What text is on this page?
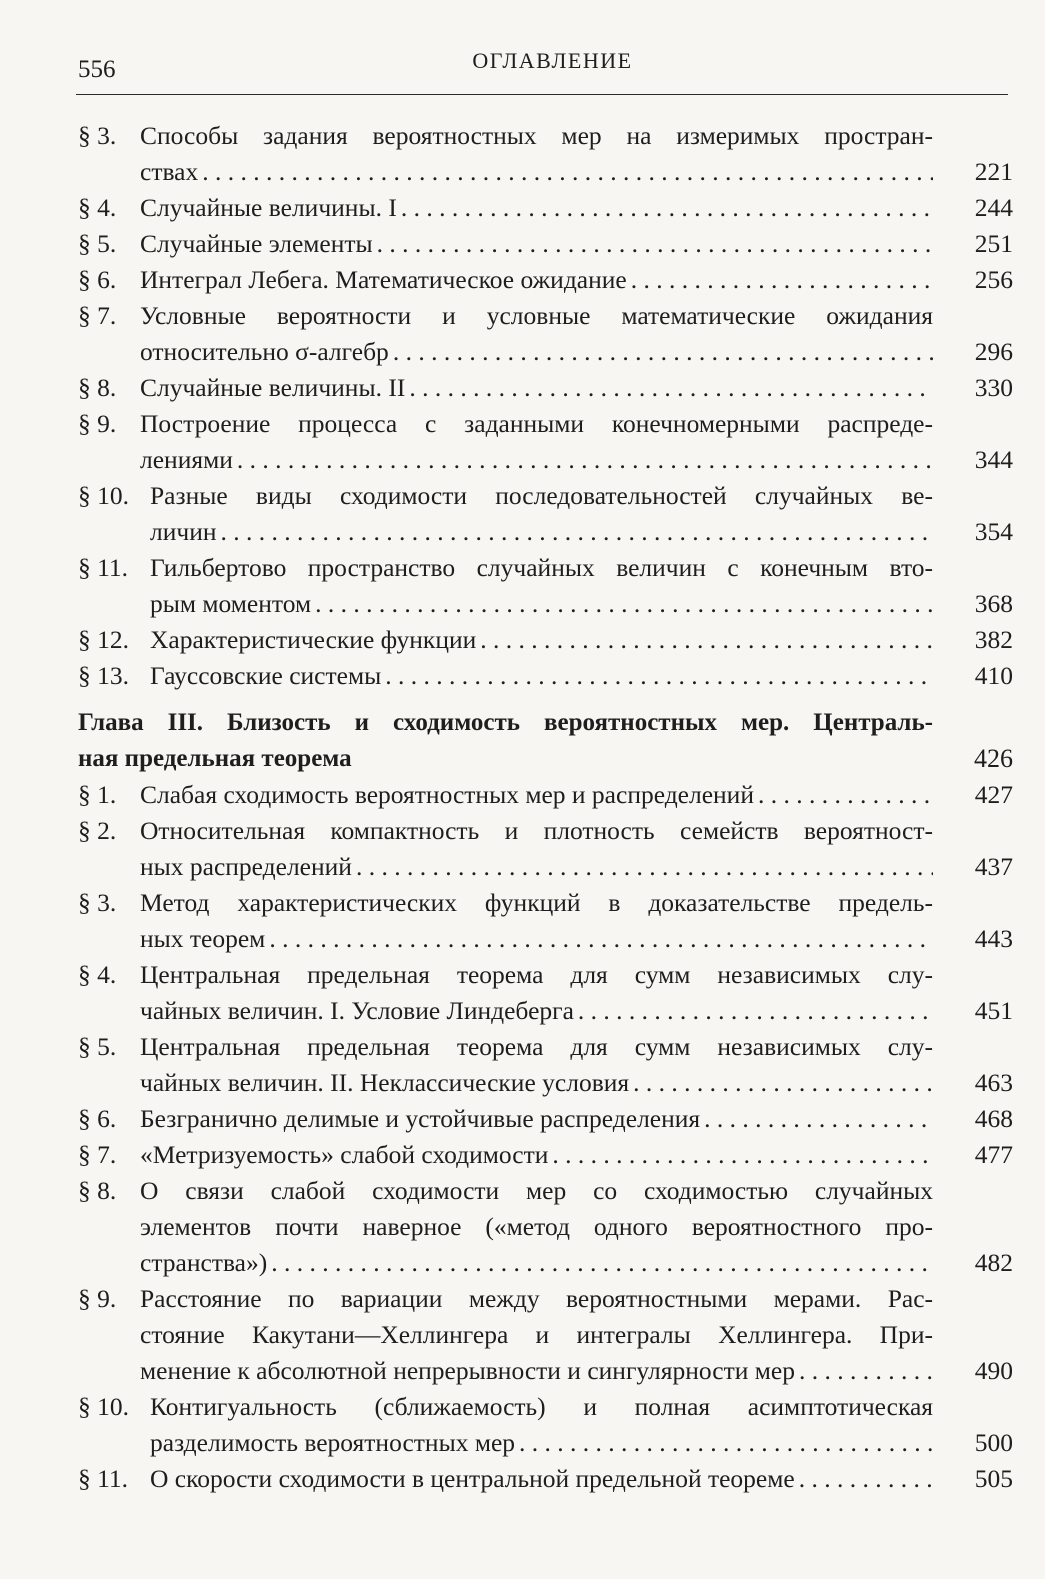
556	ОГЛАВЛЕНИЕ
§ 3. Способы задания вероятностных мер на измеримых простран-
ствах . . .	221
§ 4. Случайные величины. I . . .	244
§ 5. Случайные элементы . . .	251
§ 6. Интеграл Лебега. Математическое ожидание . . .	256
§ 7. Условные вероятности и условные математические ожидания
относительно σ-алгебр . . .	296
§ 8. Случайные величины. II . . .	330
§ 9. Построение процесса с заданными конечномерными распреде-
лениями . . .	344
§ 10. Разные виды сходимости последовательностей случайных ве-
личин . . .	354
§ 11. Гильбертово пространство случайных величин с конечным вто-
рым моментом . . .	368
§ 12. Характеристические функции . . .	382
§ 13. Гауссовские системы . . .	410
Глава III. Близость и сходимость вероятностных мер. Централь-
ная предельная теорема	426
§ 1. Слабая сходимость вероятностных мер и распределений . . .	427
§ 2. Относительная компактность и плотность семейств вероятност-
ных распределений . . .	437
§ 3. Метод характеристических функций в доказательстве предель-
ных теорем . . .	443
§ 4. Центральная предельная теорема для сумм независимых слу-
чайных величин. I. Условие Линдеберга . . .	451
§ 5. Центральная предельная теорема для сумм независимых слу-
чайных величин. II. Неклассические условия . . .	463
§ 6. Безгранично делимые и устойчивые распределения . . .	468
§ 7. «Метризуемость» слабой сходимости . . .	477
§ 8. О связи слабой сходимости мер со сходимостью случайных
элементов почти наверное («метод одного вероятностного про-
странства») . . .	482
§ 9. Расстояние по вариации между вероятностными мерами. Рас-
стояние Какутани—Хеллингера и интегралы Хеллингера. При-
менение к абсолютной непрерывности и сингулярности мер . . .	490
§ 10. Контигуальность (сближаемость) и полная асимптотическая
разделимость вероятностных мер . . .	500
§ 11. О скорости сходимости в центральной предельной теореме . . .	505
